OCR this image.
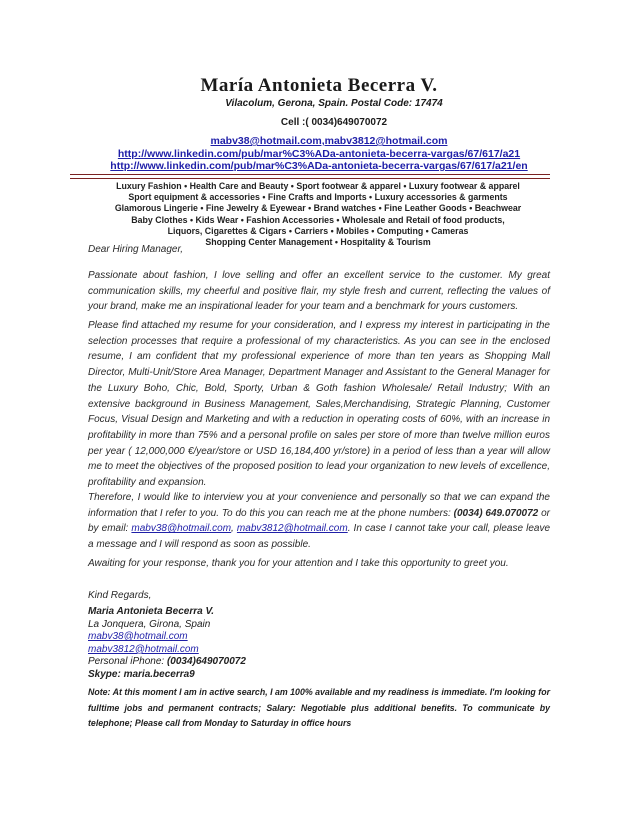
María Antonieta Becerra V.
Vilacolum, Gerona, Spain. Postal Code: 17474
Cell :( 0034)649070072
mabv38@hotmail.com,mabv3812@hotmail.com
http://www.linkedin.com/pub/mar%C3%ADa-antonieta-becerra-vargas/67/617/a21
http://www.linkedin.com/pub/mar%C3%ADa-antonieta-becerra-vargas/67/617/a21/en
Luxury Fashion • Health Care and Beauty • Sport footwear & apparel • Luxury footwear & apparel
Sport equipment & accessories • Fine Crafts and Imports • Luxury accessories & garments
Glamorous Lingerie • Fine Jewelry & Eyewear • Brand watches • Fine Leather Goods • Beachwear
Baby Clothes • Kids Wear • Fashion Accessories • Wholesale and Retail of food products,
Liquors, Cigarettes & Cigars • Carriers • Mobiles • Computing • Cameras
Shopping Center Management • Hospitality & Tourism

Dear Hiring Manager,

Passionate about fashion, I love selling and offer an excellent service to the customer. My great communication skills, my cheerful and positive flair, my style fresh and current, reflecting the values of your brand, make me an inspirational leader for your team and a benchmark for yours customers.

Please find attached my resume for your consideration, and I express my interest in participating in the selection processes that require a professional of my characteristics. As you can see in the enclosed resume, I am confident that my professional experience of more than ten years as Shopping Mall Director, Multi-Unit/Store Area Manager, Department Manager and Assistant to the General Manager for the Luxury Boho, Chic, Bold, Sporty, Urban & Goth fashion Wholesale/ Retail Industry; With an extensive background in Business Management, Sales,Merchandising, Strategic Planning, Customer Focus, Visual Design and Marketing and with a reduction in operating costs of 60%, with an increase in profitability in more than 75% and a personal profile on sales per store of more than twelve million euros per year ( 12,000,000 €/year/store or USD 16,184,400 yr/store) in a period of less than a year will allow me to meet the objectives of the proposed position to lead your organization to new levels of excellence, profitability and expansion.

Therefore, I would like to interview you at your convenience and personally so that we can expand the information that I refer to you. To do this you can reach me at the phone numbers: (0034) 649.070072 or by email: mabv38@hotmail.com, mabv3812@hotmail.com. In case I cannot take your call, please leave a message and I will respond as soon as possible.

Awaiting for your response, thank you for your attention and I take this opportunity to greet you.

Kind Regards,

Maria Antonieta Becerra V.
La Jonquera, Girona, Spain
mabv38@hotmail.com
mabv3812@hotmail.com
Personal iPhone: (0034)649070072
Skype: maria.becerra9

Note: At this moment I am in active search, I am 100% available and my readiness is immediate. I'm looking for fulltime jobs and permanent contracts; Salary: Negotiable plus additional benefits. To communicate by telephone; Please call from Monday to Saturday in office hours
